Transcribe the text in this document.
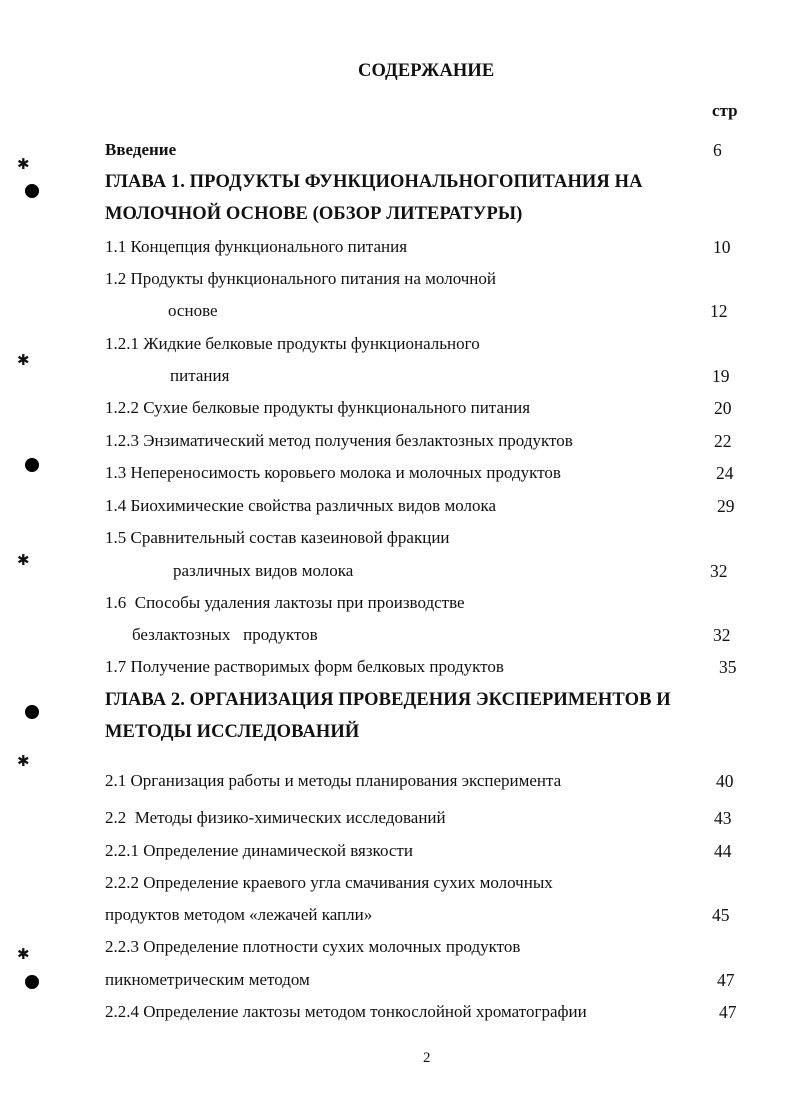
✱
✱
✱
✱
✱
СОДЕРЖАНИЕ
стр
Введение	6
ГЛАВА 1. ПРОДУКТЫ ФУНКЦИОНАЛЬНОГОПИТАНИЯ НА
МОЛОЧНОЙ ОСНОВЕ (ОБЗОР ЛИТЕРАТУРЫ)
1.1 Концепция функционального питания	10
1.2 Продукты функционального питания на молочной
основе	12
1.2.1 Жидкие белковые продукты функционального
питания	19
1.2.2 Сухие белковые продукты функционального питания	20
1.2.3 Энзиматический метод получения безлактозных продуктов	22
1.3 Непереносимость коровьего молока и молочных продуктов	24
1.4 Биохимические свойства различных видов молока	29
1.5 Сравнительный состав казеиновой фракции
различных видов молока	32
1.6  Способы удаления лактозы при производстве
безлактозных   продуктов	32
1.7 Получение растворимых форм белковых продуктов	35
ГЛАВА 2. ОРГАНИЗАЦИЯ ПРОВЕДЕНИЯ ЭКСПЕРИМЕНТОВ И
МЕТОДЫ ИССЛЕДОВАНИЙ
2.1 Организация работы и методы планирования эксперимента	40
2.2  Методы физико-химических исследований	43
2.2.1 Определение динамической вязкости	44
2.2.2 Определение краевого угла смачивания сухих молочных
продуктов методом «лежачей капли»	45
2.2.3 Определение плотности сухих молочных продуктов
пикнометрическим методом	47
2.2.4 Определение лактозы методом тонкослойной хроматографии	47
2
